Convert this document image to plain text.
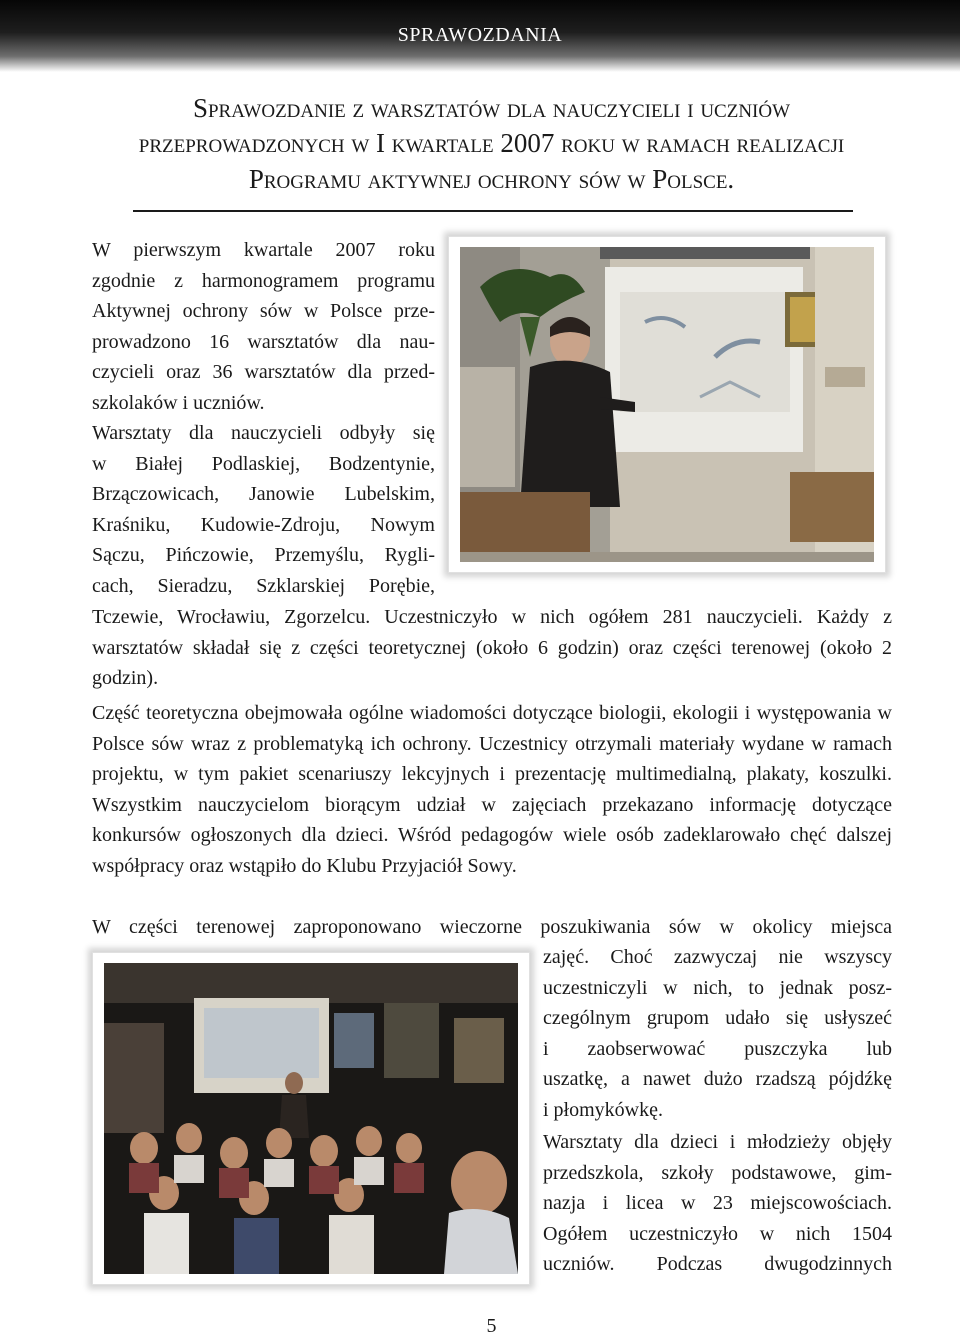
SPRAWOZDANIA
Sprawozdanie z warsztatów dla nauczycieli i uczniów
przeprowadzonych w I kwartale 2007 roku w ramach realizacji
Programu aktywnej ochrony sów w Polsce.
W pierwszym kwartale 2007 roku
zgodnie z harmonogramem programu
Aktywnej ochrony sów w Polsce prze-
prowadzono 16 warsztatów dla nau-
czycieli oraz 36 warsztatów dla przed-
szkolaków i uczniów.
Warsztaty dla nauczycieli odbyły się
w Białej Podlaskiej, Bodzentynie,
Brzączowicach, Janowie Lubelskim,
Kraśniku, Kudowie-Zdroju, Nowym
Sączu, Pińczowie, Przemyślu, Rygli-
cach, Sieradzu, Szklarskiej Porębie,
Tczewie, Wrocławiu, Zgorzelcu. Uczestniczyło w nich ogółem 281 nauczycieli. Każdy z warsztatów składał się z części teoretycznej (około 6 godzin) oraz części terenowej (około 2 godzin).
Część teoretyczna obejmowała ogólne wiadomości dotyczące biologii, ekologii i występowania w Polsce sów wraz z problematyką ich ochrony. Uczestnicy otrzymali materiały wydane w ramach projektu, w tym pakiet scenariuszy lekcyjnych i prezentację multimedialną, plakaty, koszulki. Wszystkim nauczycielom biorącym udział w zajęciach przekazano informację dotyczące konkursów ogłoszonych dla dzieci. Wśród pedagogów wiele osób zadeklarowało chęć dalszej współpracy oraz wstąpiło do Klubu Przyjaciół Sowy.
W części terenowej zaproponowano wieczorne poszukiwania sów w okolicy miejsca
zajęć. Choć zazwyczaj nie wszyscy
uczestniczyli w nich, to jednak posz-
czególnym grupom udało się usłyszeć
i zaobserwować puszczyka lub
uszatkę, a nawet dużo rzadszą pójdźkę
i płomykówkę.
Warsztaty dla dzieci i młodzieży objęły
przedszkola, szkoły podstawowe, gim-
nazja i licea w 23 miejscowościach.
Ogółem uczestniczyło w nich 1504
uczniów. Podczas dwugodzinnych
5
